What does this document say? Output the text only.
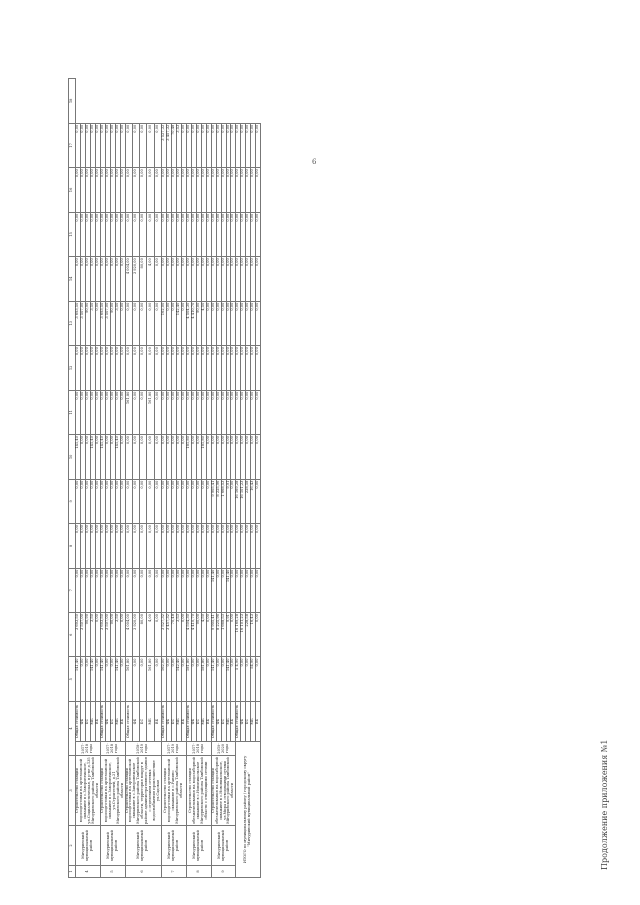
6
Продолжение приложения №1
1	2	3	4		5	6	7	8	9	10	11	12	13	14	15	16	17	18
4	Мичуринский муниципальный район	Строительство станции водоподготовки на артезианской скважине в с.Заворонежское, ул.Социалистическая, в р-не д.135 Мичуринского района Тамбовской области	2017-2018 годы	Общая стоимость	141,40	3 693,50	0,00	0,00	0,00	141,40	0,00	0,00	3 693,50	0,00	0,00	0,00	0,00	
				ФБ	0,00	3 507,00	0,00	0,00	0,00	0,00	0,00	0,00	3 507,00	0,00	0,00	0,00	0,00	
				БС	0,00	90,90	0,00	0,00	0,00	0,00	0,00	0,00	90,90	0,00	0,00	0,00	0,00	
				МБ	141,40	3,50	0,00	0,00	0,00	141,40	0,00	0,00	3,50	0,00	0,00	0,00	0,00	
				ВБ	0,00	0,00	0,00	0,00	0,00	0,00	0,00	0,00	0,00	0,00	0,00	0,00	0,00	
5	Мичуринский муниципальный район	Строительство станции водоподготовки на артезианской скважине в с.Заворонежское, ул.Строителей, д.21 Мичуринского района Тамбовской области	2017-2018 годы	Общая стоимость	141,40	3 693,50	0,00	0,00	0,00	141,40	0,00	0,00	3 693,50	0,00	0,00	0,00	0,00	
				ФБ	0,00	3 507,00	0,00	0,00	0,00	0,00	0,00	0,00	3 507,00	0,00	0,00	0,00	0,00	
				БС	0,00	90,00	0,00	0,00	0,00	0,00	0,00	0,00	90,00	0,00	0,00	0,00	0,00	
				МБ	141,40	3,50	0,00	0,00	0,00	141,40	0,00	0,00	3,50	0,00	0,00	0,00	0,00	
				ВБ	0,00	0,00	0,00	0,00	0,00	0,00	0,00	0,00	0,00	0,00	0,00	0,00	0,00	
6	Мичуринский муниципальный район	Строительство станции водоподготовки на артезианской скважине в с.Заворонежское Мичуринского района Тамбовской области, территория вокруг в районе административного здания с отделением сетевых водоснабжения произошествие ул.Садовая	2018-2019 годы	Общая стоимость	161,80	4 004,00	0,00	0,00	0,00	0,00	161,80	0,00	0,00	4 004,00	0,00	0,00	0,00	
				ФБ	0,00	3 920,00	0,00	0,00	0,00	0,00	0,00	0,00	0,00	3 920,00	0,00	0,00	0,00	
				БС	0,00	80,00	0,00	0,00	0,00	0,00	0,00	0,00	0,00	80,00	0,00	0,00	0,00	
				МБ	161,80	4,00	0,00	0,00	0,00	0,00	161,80	0,00	0,00	4,00	0,00	0,00	0,00	
				ВБ	0,00	0,00	0,00	0,00	0,00	0,00	0,00	0,00	0,00	0,00	0,00	0,00	0,00	
7	Мичуринский муниципальный район	Строительство станции водоподготовки на артезианской скважине в с.Ранино Мичуринского района Тамбовской области	2017-2019 годы	Общая стоимость	162,00	3 527,32	0,00	0,00	0,00	0,00	0,00	0,00	162,00	0,00	0,00	0,00	3 527,32	
				ФБ	0,00	3 457,32	0,00	0,00	0,00	0,00	0,00	0,00	0,00	0,00	0,00	0,00	3 457,32	
				БС	0,00	70,48	0,00	0,00	0,00	0,00	0,00	0,00	0,00	0,00	0,00	0,00	70,48	
				МБ	142,40	3,53	0,00	0,00	0,00	0,00	0,00	0,00	142,40	0,00	0,00	0,00	3,53	
				ВБ	0,00	0,00	0,00	0,00	0,00	0,00	0,00	0,00	0,00	0,00	0,00	0,00	0,00	
8	Мичуринский муниципальный район	Строительство станции обезжелезивания на водозаборной скважине в с.Новоникольское Мичуринского района Тамбовской области с отводящими сетями	2017-2018 годы	Общая стоимость	181,80	4 504,30	0,00	0,00	0,00	181,80	0,00	0,00	4 504,30	0,00	0,00	0,00	0,00	
				ФБ	0,00	4 410,70	0,00	0,00	0,00	0,00	0,00	0,00	4 410,70	0,00	0,00	0,00	0,00	
				БС	0,00	90,00	0,00	0,00	0,00	0,00	0,00	0,00	90,00	0,00	0,00	0,00	0,00	
				МБ	181,80	4,50	0,00	0,00	0,00	181,80	0,00	0,00	4,50	0,00	0,00	0,00	0,00	
				ВБ	0,00	0,00	0,00	0,00	0,00	0,00	0,00	0,00	0,00	0,00	0,00	0,00	0,00	
9	Мичуринский муниципальный район	Строительство станции обезжелезивания на водозаборной скважине в с.Новоникольское, ул.Мира в отводящими сетями Мичуринского района Тамбовской области	2019-2020 годы	Общая стоимость	141,40	9 905,41	141,40	0,00	9 905,41	0,00	0,00	0,00	0,00	0,00	0,00	0,00	0,00	
				ФБ	0,00	8 225,96	0,00	0,00	8 225,96	0,00	0,00	0,00	0,00	0,00	0,00	0,00	0,00	
				БС	0,00	1 668,53	0,00	0,00	1 668,53	0,00	0,00	0,00	0,00	0,00	0,00	0,00	0,00	
				МБ	141,40	9,91	141,40	0,00	9,91	0,00	0,00	0,00	0,00	0,00	0,00	0,00	0,00	
				ВБ	0,00	0,00	0,00	0,00	0,00	0,00	0,00	0,00	0,00	0,00	0,00	0,00	0,00	
ИТОГО по муниципальному району / городскому округу "Мичуринский муниципальный район"				Общая стоимость	5 4,90	16 169,28	0,00	0,00	16 169,28	0,00	0,00	0,00	0,00	0,00	0,00	0,00	0,00	
				ФБ	0,00	16 101,23	0,00	0,00	16 101,23	0,00	0,00	0,00	0,00	0,00	0,00	0,00	0,00	
				БС	0,00	228,58	0,00	0,00	228,58	0,00	0,00	0,00	0,00	0,00	0,00	0,00	0,00	
				МБ	54,90	16,43	0,00	0,00	16,43	0,00	0,00	0,00	0,00	0,00	0,00	0,00	0,00	
				ВБ	0,00	0,00	0,00	0,00	0,00	0,00	0,00	0,00	0,00	0,00	0,00	0,00	0,00	
